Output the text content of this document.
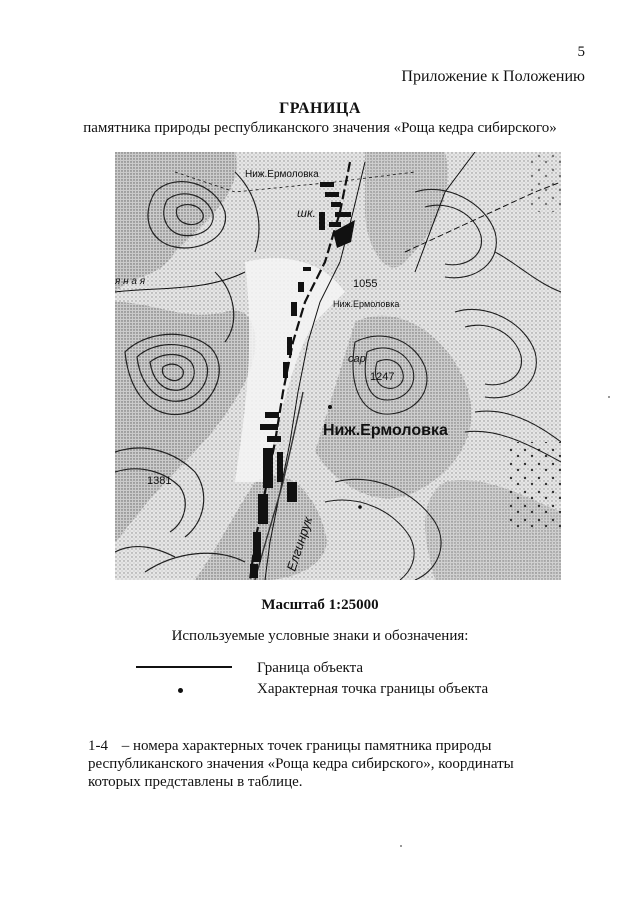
5
Приложение к Положению
ГРАНИЦА
памятника природы республиканского значения «Роща кедра сибирского»
Ниж.Ермоловка
шк.
сар
1055
Ниж.Ермоловка
1247
Ниж.Ермоловка
1381
я н а я
Елгинрук
Масштаб 1:25000
Используемые условные знаки и обозначения:
Граница объекта
Характерная точка границы объекта
1-4 – номера характерных точек границы памятника природы республиканского значения «Роща кедра сибирского», координаты которых представлены в таблице.
